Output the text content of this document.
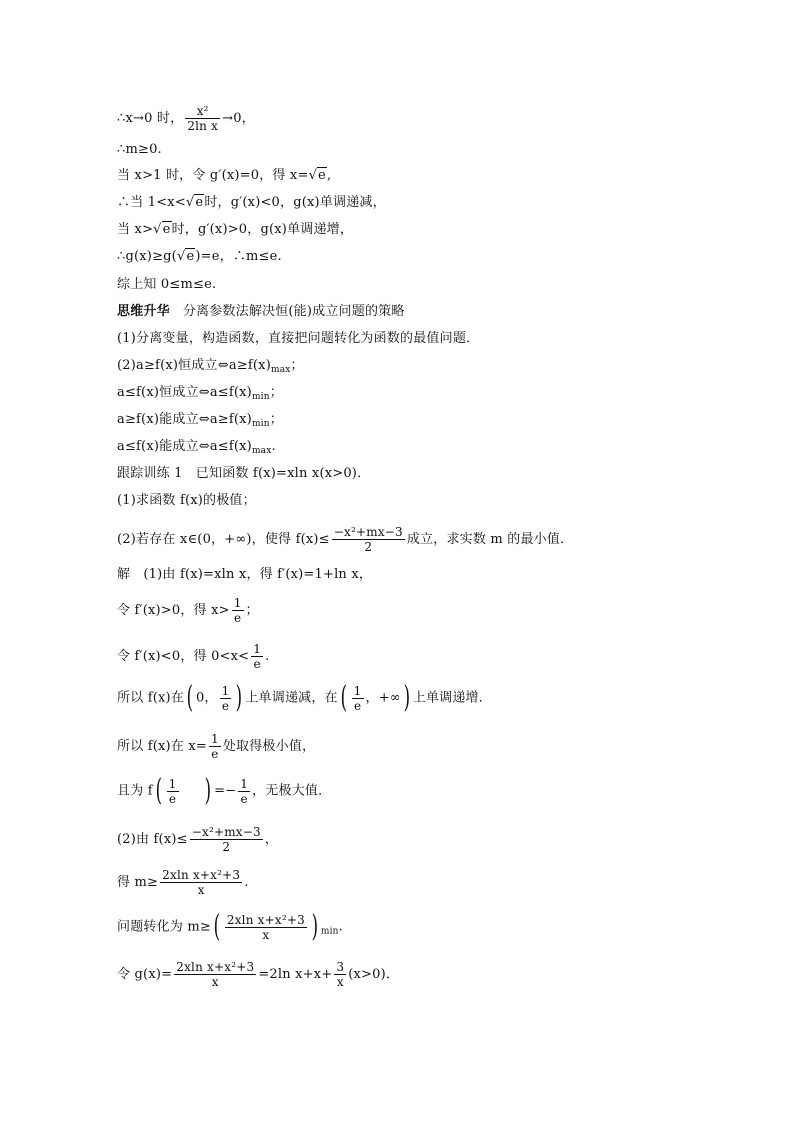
∴x→0 时， $\frac{\text{x²}}{\text{2ln x}} \to 0$，
∴m≥0.
当 x>1 时，令 g′(x)=0，得 x=√e,
∴当 1<x<√e时，g′(x)<0，g(x)单调递减，
当 x>√e时，g′(x)>0，g(x)单调递增，
∴g(x)≥g(√e)=e，∴m≤e.
综上知 0≤m≤e.
思维升华 分离参数法解决恒(能)成立问题的策略
(1)分离变量，构造函数，直接把问题转化为函数的最值问题．
(2)a≥f(x)恒成立$\Leftrightarrow a\ge f(x)_{max}$；
a≤f(x)恒成立$\Leftrightarrow a\le f(x)_{min}$；
a≥f(x)能成立$\Leftrightarrow a\ge f(x)_{min}$；
a≤f(x)能成立$\Leftrightarrow a\le f(x)_{max}$.
跟踪训练 1　已知函数 f(x)=xln x(x>0)．
(1)求函数 f(x)的极值；
(2)若存在 x∈(0，+∞)，使得 $f(x)\le \frac{\text{−x²+mx−3}}{2}$ 成立，求实数 m 的最小值．
解　(1)由 f(x)=xln x，得 f′(x)=1+ln x，
令 f′(x)>0，得 $x> \frac{1}{e}$ ；
令 f′(x)<0，得 $0<x< \frac{1}{e}$ .
所以 f(x)在( 0， $\frac{1}{e}$ ) 上单调递减，在( $\frac{1}{e}$ ，+∞) 上单调递增．
所以 f(x)在 $x= \frac{1}{e}$ 处取得极小值，
且为 $f( \frac{1}{e}$ ) =− $\frac{1}{e}$ ，无极大值．
(2)由 $f(x)\le \frac{\text{−x²+mx−3}}{2}$ ，
得 $m\ge \frac{\text{2xln x+x²+3}}{x}$ .
问题转化为 $m\ge( \frac{\text{2xln x+x²+3}}{x}$ ) $_{min}$.
令 $g(x)= \frac{\text{2xln x+x²+3}}{x} =2\ln$ $x+x+ \frac{3}{x} (x>0)$．
